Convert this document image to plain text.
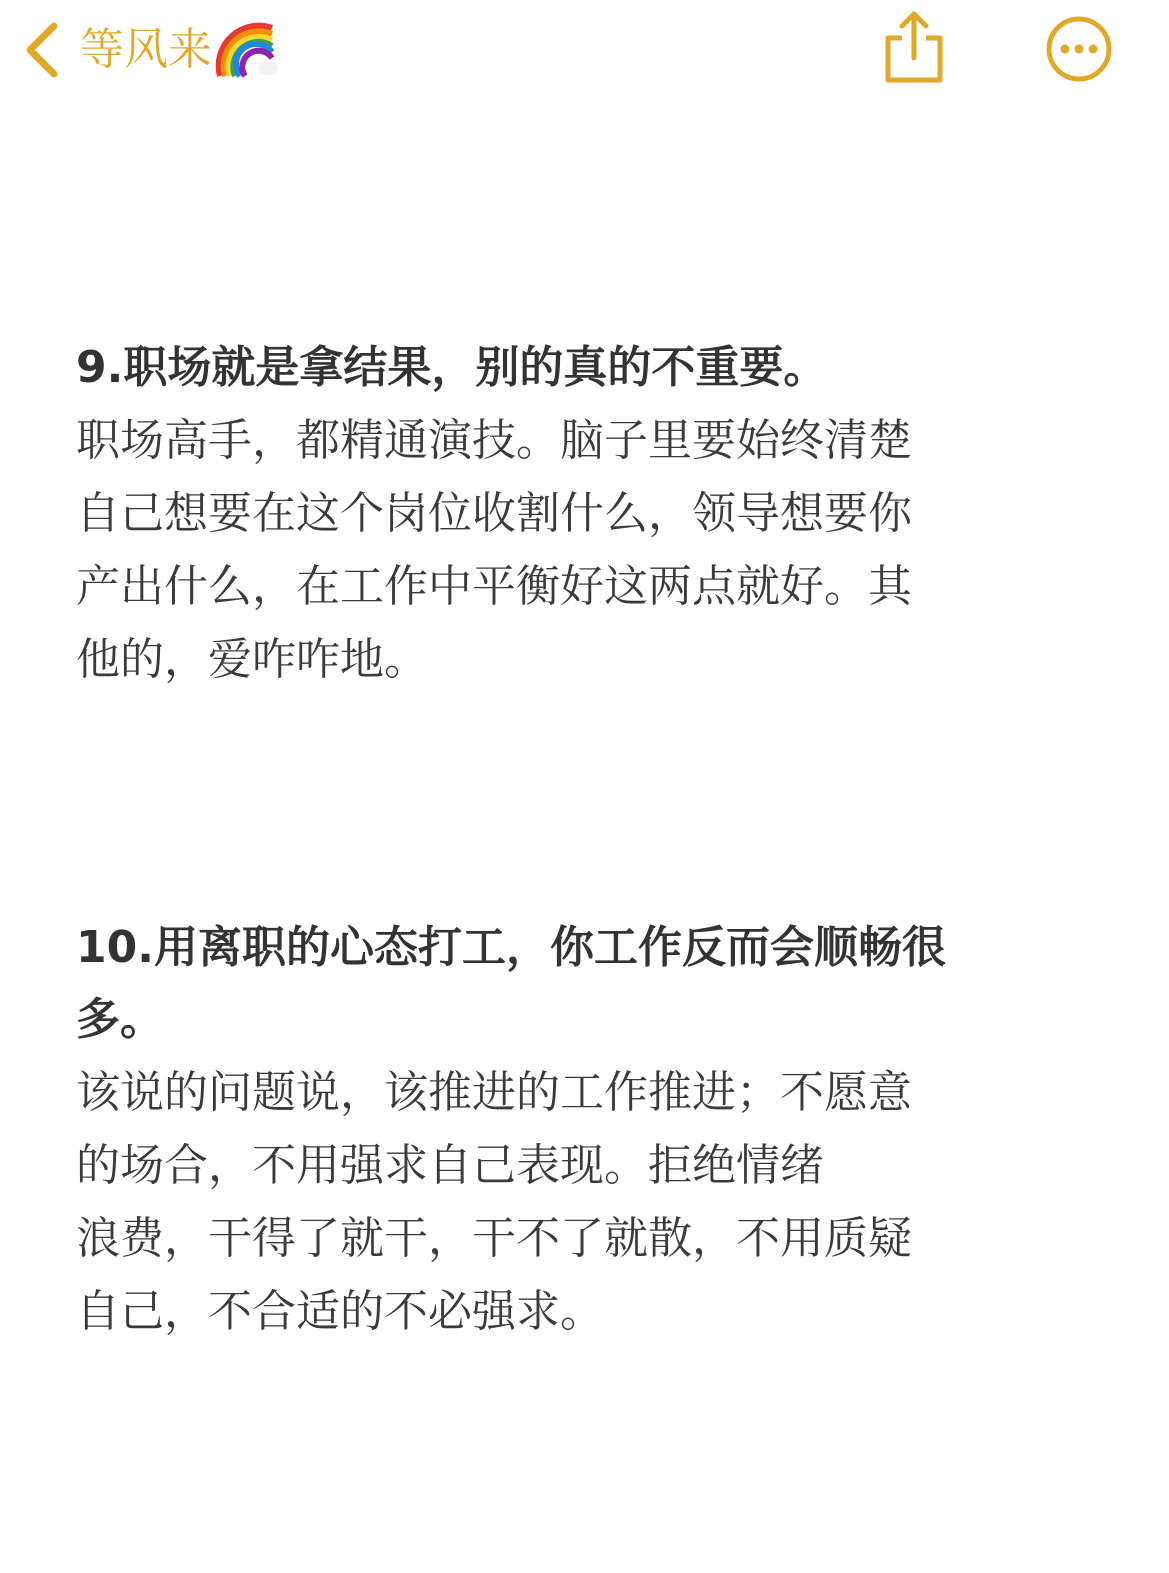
等风来

9.职场就是拿结果，别的真的不重要。

职场高手，都精通演技。脑子里要始终清楚
自己想要在这个岗位收割什么，领导想要你
产出什么，在工作中平衡好这两点就好。其
他的，爱咋咋地。

10.用离职的心态打工，你工作反而会顺畅很
多。

该说的问题说，该推进的工作推进；不愿意
的场合，不用强求自己表现。拒绝情绪
浪费，干得了就干，干不了就散，不用质疑
自己，不合适的不必强求。
